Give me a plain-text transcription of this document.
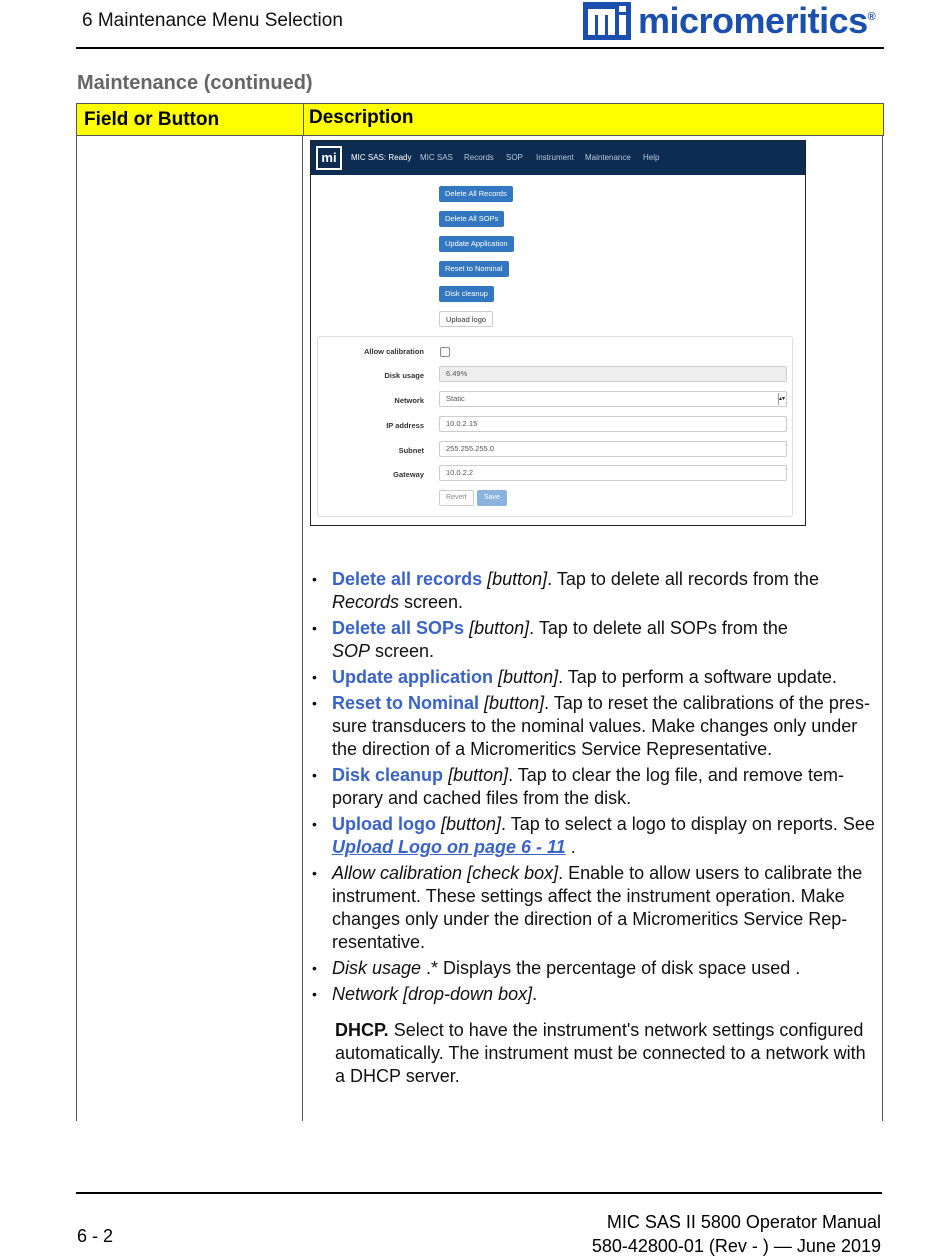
6 Maintenance Menu Selection	micromeritics®
Maintenance (continued)
Field or Button	Description
mi	MIC SAS: Ready MIC SAS Records SOP Instrument Maintenance Help
Delete All Records
Delete All SOPs
Update Application
Reset to Nominal
Disk cleanup
Upload logo
Allow calibration
Disk usage	6.49%
Network	Static	▴▾
IP address	10.0.2.15
Subnet	255.255.255.0
Gateway	10.0.2.2
Revert	Save
• Delete all records [button]. Tap to delete all records from the Records screen.
• Delete all SOPs [button]. Tap to delete all SOPs from the
SOP screen.
• Update application [button]. Tap to perform a software update.
• Reset to Nominal [button]. Tap to reset the calibrations of the pres-sure transducers to the nominal values. Make changes only under the direction of a Micromeritics Service Representative.
• Disk cleanup [button]. Tap to clear the log file, and remove tem-porary and cached files from the disk.
• Upload logo [button]. Tap to select a logo to display on reports. See Upload Logo on page 6 - 11 .
• Allow calibration [check box]. Enable to allow users to calibrate the instrument. These settings affect the instrument operation. Make changes only under the direction of a Micromeritics Service Rep-resentative.
• Disk usage .* Displays the percentage of disk space used .
• Network [drop-down box].
DHCP. Select to have the instrument's network settings configured automatically. The instrument must be connected to a network with a DHCP server.
6 - 2
MIC SAS II 5800 Operator Manual
580-42800-01 (Rev - ) — June 2019
